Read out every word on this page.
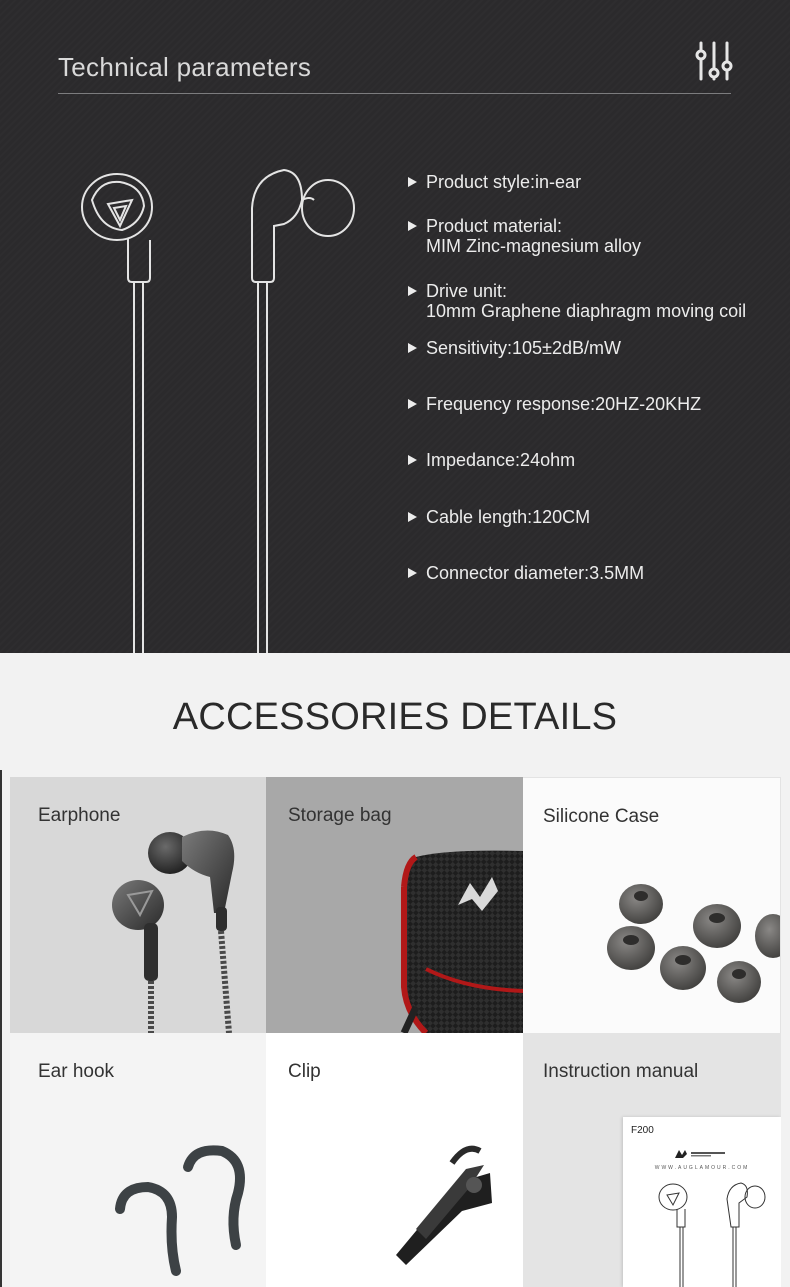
Technical parameters
Product style:in-ear
Product material:
MIM Zinc-magnesium alloy
Drive unit:
10mm Graphene diaphragm moving coil
Sensitivity:105±2dB/mW
Frequency response:20HZ-20KHZ
Impedance:24ohm
Cable length:120CM
Connector diameter:3.5MM
ACCESSORIES DETAILS
Earphone	Storage bag	Silicone Case
Ear hook	Clip	Instruction manual
F200
WWW.AUGLAMOUR.COM
